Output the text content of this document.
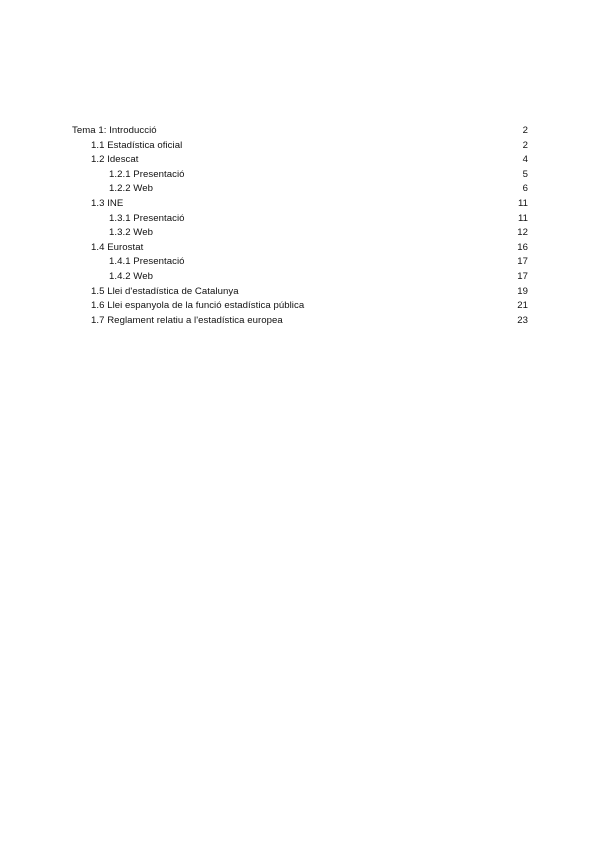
Tema 1: Introducció	2
1.1 Estadística oficial	2
1.2 Idescat	4
1.2.1 Presentació	5
1.2.2 Web	6
1.3 INE	11
1.3.1 Presentació	11
1.3.2 Web	12
1.4 Eurostat	16
1.4.1 Presentació	17
1.4.2 Web	17
1.5 Llei d'estadística de Catalunya	19
1.6 Llei espanyola de la funció estadística pública	21
1.7 Reglament relatiu a l'estadística europea	23
